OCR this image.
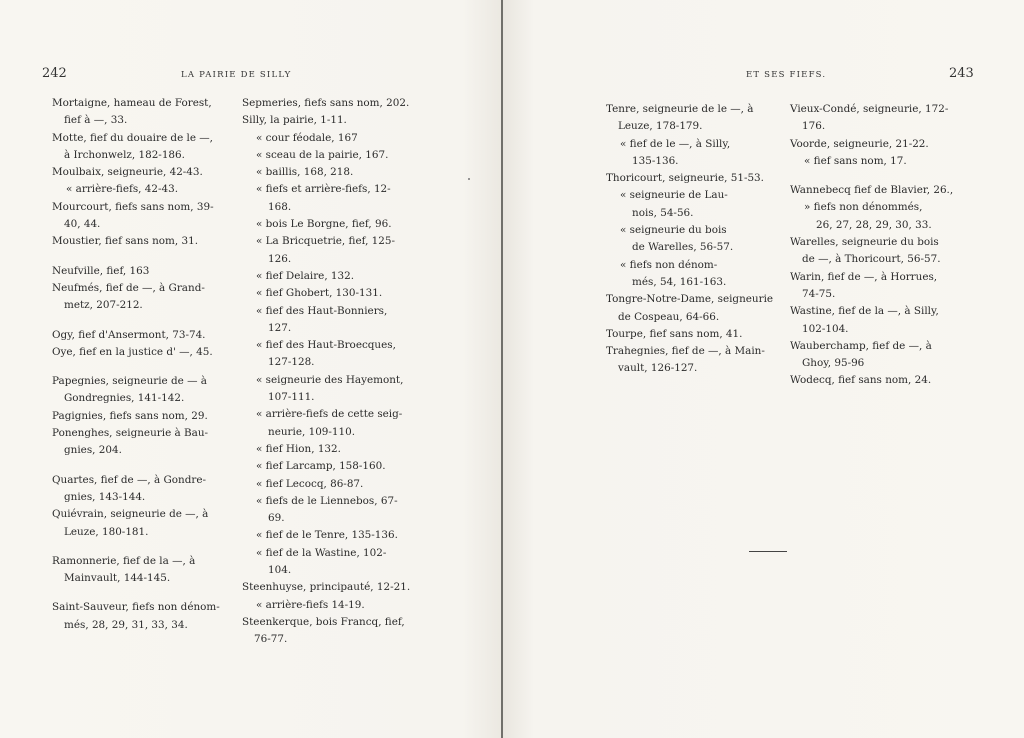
242	LA PAIRIE DE SILLY
Mortaigne, hameau de Forest,
fief à —, 33.
Motte, fief du douaire de le —,
à Irchonwelz, 182-186.
Moulbaix, seigneurie, 42-43.
« arrière-fiefs, 42-43.
Mourcourt, fiefs sans nom, 39-
40, 44.
Moustier, fief sans nom, 31.
Neufville, fief, 163
Neufmés, fief de —, à Grand-
metz, 207-212.
Ogy, fief d'Ansermont, 73-74.
Oye, fief en la justice d' —, 45.
Papegnies, seigneurie de — à
Gondregnies, 141-142.
Pagignies, fiefs sans nom, 29.
Ponenghes, seigneurie à Bau-
gnies, 204.
Quartes, fief de —, à Gondre-
gnies, 143-144.
Quiévrain, seigneurie de —, à
Leuze, 180-181.
Ramonnerie, fief de la —, à
Mainvault, 144-145.
Saint-Sauveur, fiefs non dénom-
més, 28, 29, 31, 33, 34.
Sepmeries, fiefs sans nom, 202.
Silly, la pairie, 1-11.
« cour féodale, 167
« sceau de la pairie, 167.
« baillis, 168, 218.
« fiefs et arrière-fiefs, 12-
168.
« bois Le Borgne, fief, 96.
« La Bricquetrie, fief, 125-
126.
« fief Delaire, 132.
« fief Ghobert, 130-131.
« fief des Haut-Bonniers,
127.
« fief des Haut-Broecques,
127-128.
« seigneurie des Hayemont,
107-111.
« arrière-fiefs de cette seig-
neurie, 109-110.
« fief Hion, 132.
« fief Larcamp, 158-160.
« fief Lecocq, 86-87.
« fiefs de le Liennebos, 67-
69.
« fief de le Tenre, 135-136.
« fief de la Wastine, 102-
104.
Steenhuyse, principauté, 12-21.
« arrière-fiefs 14-19.
Steenkerque, bois Francq, fief,
76-77.
ET SES FIEFS.	243
Tenre, seigneurie de le —, à
Leuze, 178-179.
« fief de le —, à Silly,
135-136.
Thoricourt, seigneurie, 51-53.
« seigneurie de Lau-
nois, 54-56.
« seigneurie du bois
de Warelles, 56-57.
« fiefs non dénom-
més, 54, 161-163.
Tongre-Notre-Dame, seigneurie
de Cospeau, 64-66.
Tourpe, fief sans nom, 41.
Trahegnies, fief de —, à Main-
vault, 126-127.
Vieux-Condé, seigneurie, 172-
176.
Voorde, seigneurie, 21-22.
« fief sans nom, 17.
Wannebecq fief de Blavier, 26.,
» fiefs non dénommés,
26, 27, 28, 29, 30, 33.
Warelles, seigneurie du bois
de —, à Thoricourt, 56-57.
Warin, fief de —, à Horrues,
74-75.
Wastine, fief de la —, à Silly,
102-104.
Wauberchamp, fief de —, à
Ghoy, 95-96
Wodecq, fief sans nom, 24.
